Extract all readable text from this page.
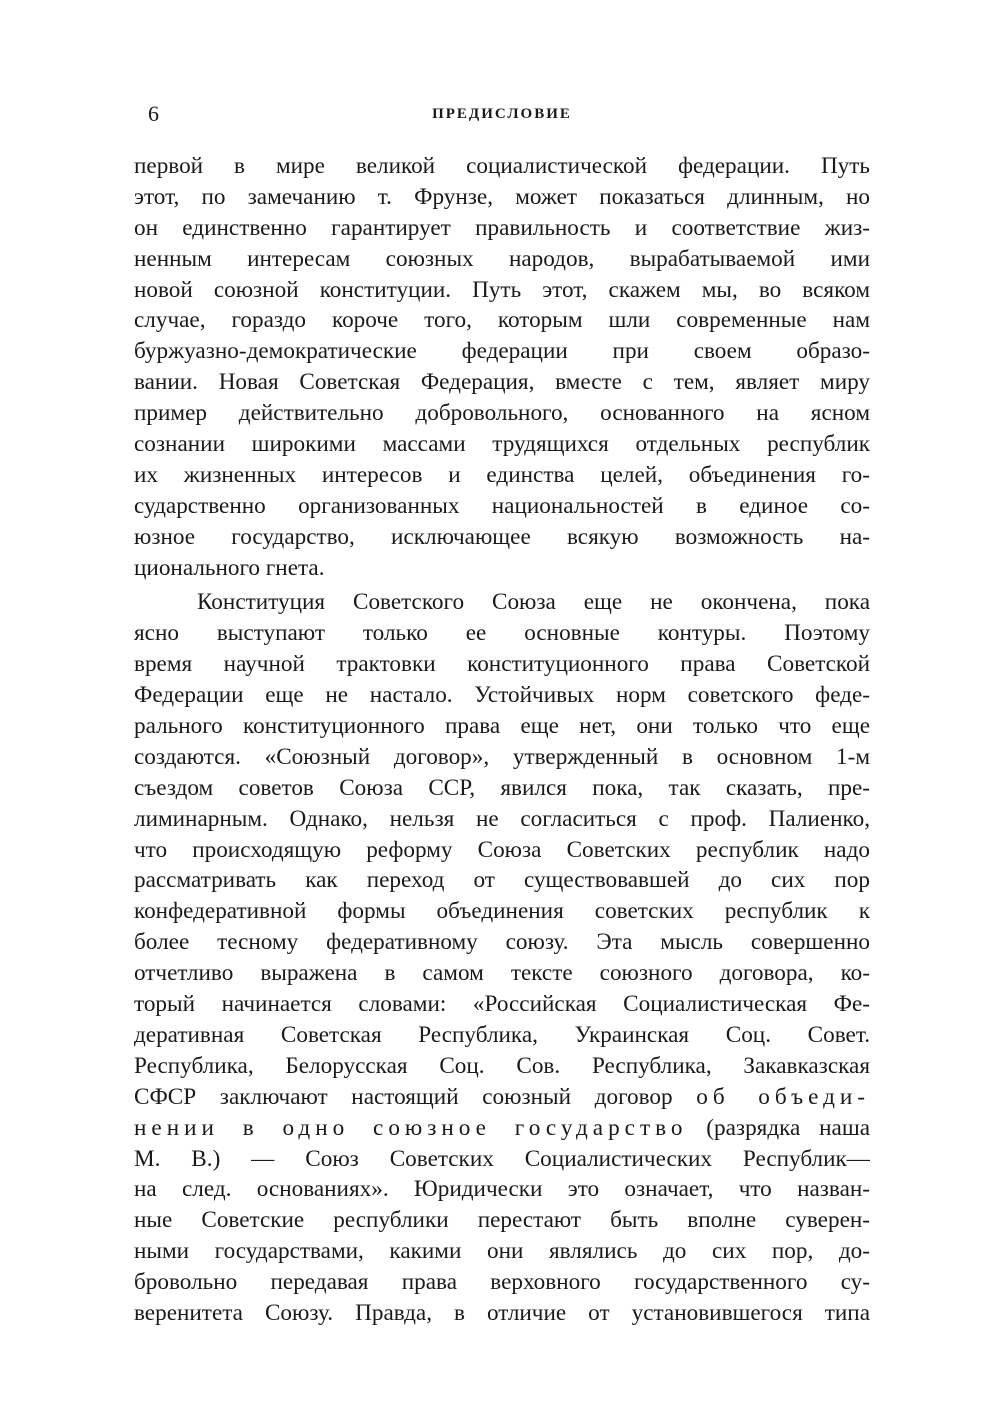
6	ПРЕДИСЛОВИЕ
первой в мире великой социалистической федерации. Путь
этот, по замечанию т. Фрунзе, может показаться длинным, но
он единственно гарантирует правильность и соответствие жиз-
ненным интересам союзных народов, вырабатываемой ими
новой союзной конституции. Путь этот, скажем мы, во всяком
случае, гораздо короче того, которым шли современные нам
буржуазно-демократические федерации при своем образо-
вании. Новая Советская Федерация, вместе с тем, являет миру
пример действительно добровольного, основанного на ясном
сознании широкими массами трудящихся отдельных республик
их жизненных интересов и единства целей, объединения го-
сударственно организованных национальностей в единое со-
юзное государство, исключающее всякую возможность на-
ционального гнета.
Конституция Советского Союза еще не окончена, пока
ясно выступают только ее основные контуры. Поэтому
время научной трактовки конституционного права Советской
Федерации еще не настало. Устойчивых норм советского феде-
рального конституционного права еще нет, они только что еще
создаются. «Союзный договор», утвержденный в основном 1-м
съездом советов Союза ССР, явился пока, так сказать, пре-
лиминарным. Однако, нельзя не согласиться с проф. Палиенко,
что происходящую реформу Союза Советских республик надо
рассматривать как переход от существовавшей до сих пор
конфедеративной формы объединения советских республик к
более тесному федеративному союзу. Эта мысль совершенно
отчетливо выражена в самом тексте союзного договора, ко-
торый начинается словами: «Российская Социалистическая Фе-
деративная Советская Республика, Украинская Соц. Совет.
Республика, Белорусская Соц. Сов. Республика, Закавказская
СФСР заключают настоящий союзный договор об объеди-
нении в одно союзное государство (разрядка наша
М. В.) — Союз Советских Социалистических Республик—
на след. основаниях». Юридически это означает, что назван-
ные Советские республики перестают быть вполне суверен-
ными государствами, какими они являлись до сих пор, до-
бровольно передавая права верховного государственного су-
веренитета Союзу. Правда, в отличие от установившегося типа
